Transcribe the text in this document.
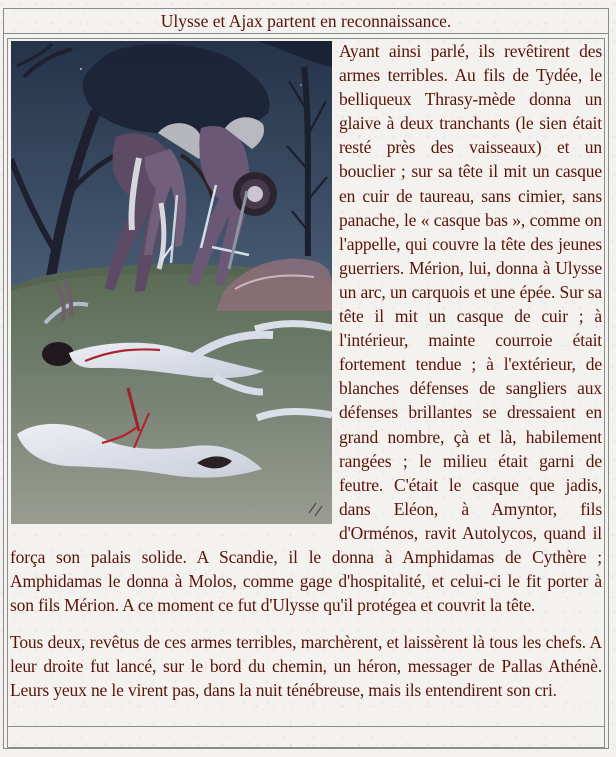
Ulysse et Ajax partent en reconnaissance.

Ayant ainsi parlé, ils revêtirent des armes terribles. Au fils de Tydée, le belliqueux Thrasy-mède donna un glaive à deux tranchants (le sien était resté près des vaisseaux) et un bouclier ; sur sa tête il mit un casque en cuir de taureau, sans cimier, sans panache, le « casque bas », comme on l'appelle, qui couvre la tête des jeunes guerriers. Mérion, lui, donna à Ulysse un arc, un carquois et une épée. Sur sa tête il mit un casque de cuir ; à l'intérieur, mainte courroie était fortement tendue ; à l'extérieur, de blanches défenses de sangliers aux défenses brillantes se dressaient en grand nombre, çà et là, habilement rangées ; le milieu était garni de feutre. C'était le casque que jadis, dans Eléon, à Amyntor, fils d'Orménos, ravit Autolycos, quand il força son palais solide. A Scandie, il le donna à Amphidamas de Cythère ; Amphidamas le donna à Molos, comme gage d'hospitalité, et celui-ci le fit porter à son fils Mérion. A ce moment ce fut d'Ulysse qu'il protégea et couvrit la tête.

Tous deux, revêtus de ces armes terribles, marchèrent, et laissèrent là tous les chefs. A leur droite fut lancé, sur le bord du chemin, un héron, messager de Pallas Athénè. Leurs yeux ne le virent pas, dans la nuit ténébreuse, mais ils entendirent son cri.
